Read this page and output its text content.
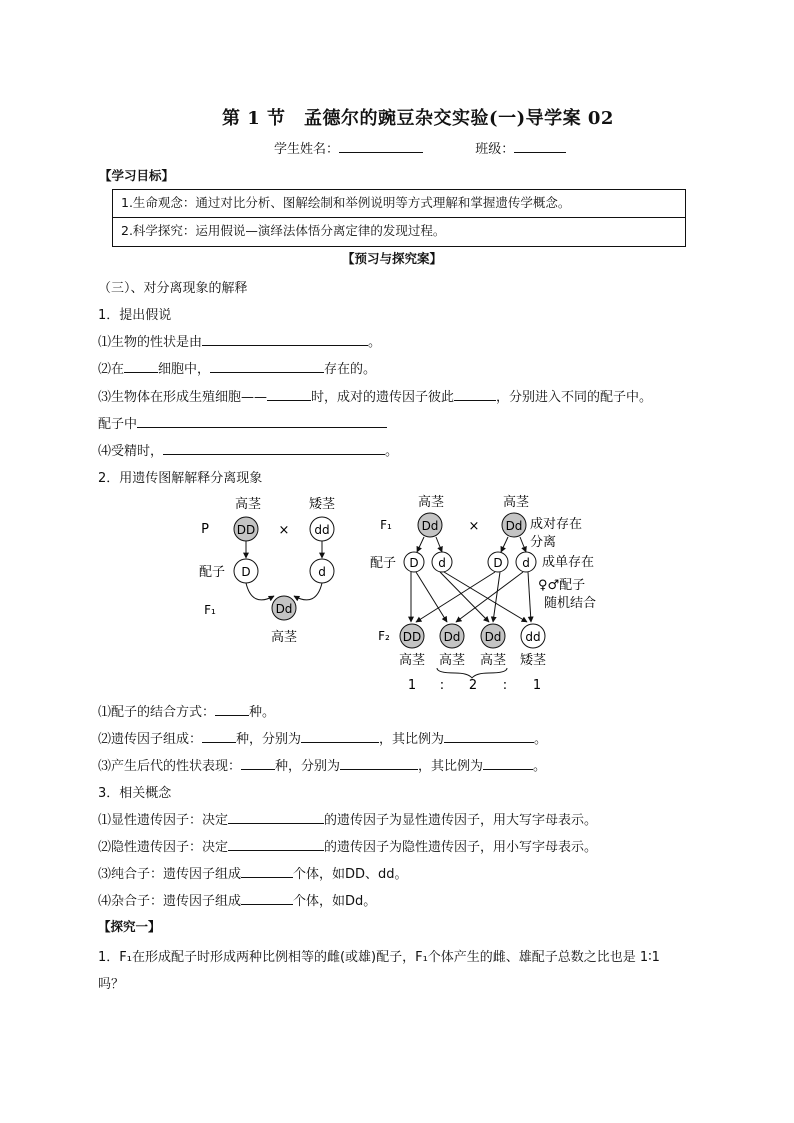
第 1 节　孟德尔的豌豆杂交实验(一)导学案 02
学生姓名：	班级：
【学习目标】
1.生命观念：通过对比分析、图解绘制和举例说明等方式理解和掌握遗传学概念。
2.科学探究：运用假说—演绎法体悟分离定律的发现过程。
【预习与探究案】
（三）、对分离现象的解释
1．提出假说
⑴生物的性状是由	。
⑵在	细胞中，	存在的。
⑶生物体在形成生殖细胞——	时，成对的遗传因子彼此	，分别进入不同的配子中。
配子中
⑷受精时，	。
2．用遗传图解解释分离现象
高茎	矮茎
P DD × dd
配子 D	d
F₁	Dd
高茎
高茎	高茎
F₁ Dd × Dd 成对存在
分离
配子 D d	D d 成单存在
♀♂配子
随机结合
F₂ DD Dd Dd dd
高茎 高茎 高茎 矮茎
1 : 2 : 1
⑴配子的结合方式：	种。
⑵遗传因子组成：	种，分别为	，其比例为	。
⑶产生后代的性状表现：	种，分别为	，其比例为	。
3．相关概念
⑴显性遗传因子：决定	的遗传因子为显性遗传因子，用大写字母表示。
⑵隐性遗传因子：决定	的遗传因子为隐性遗传因子，用小写字母表示。
⑶纯合子：遗传因子组成	个体，如DD、dd。
⑷杂合子：遗传因子组成	个体，如Dd。
【探究一】
1．F₁在形成配子时形成两种比例相等的雌(或雄)配子，F₁个体产生的雌、雄配子总数之比也是 1∶1
吗？
